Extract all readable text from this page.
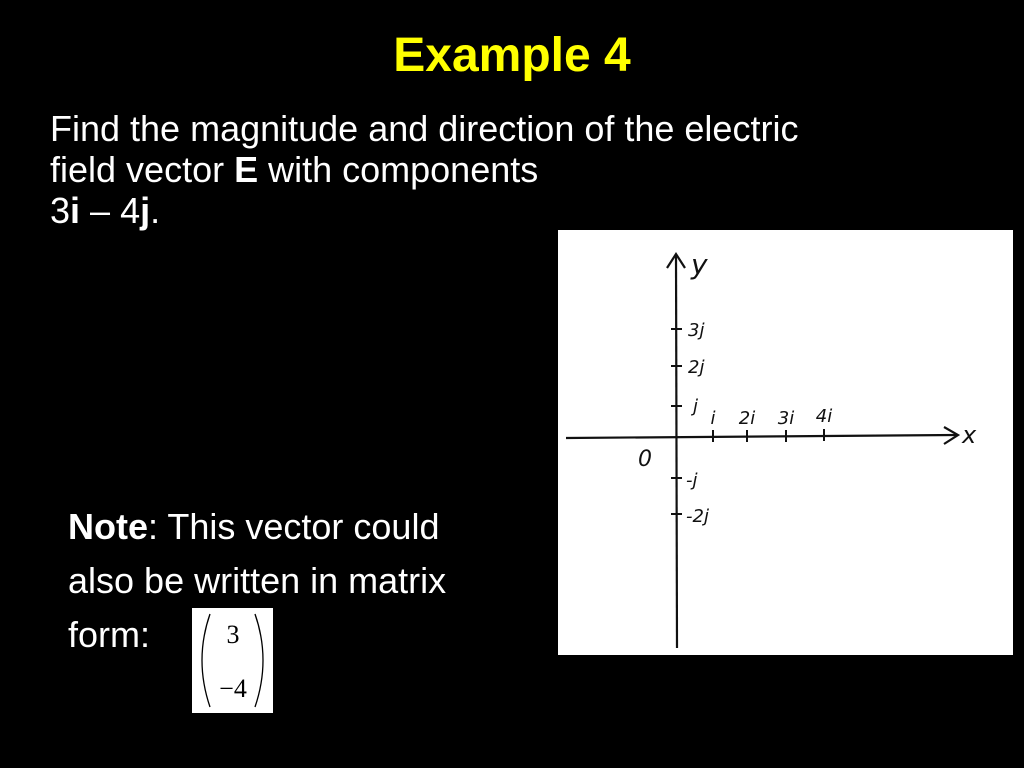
Example 4
Find the magnitude and direction of the electric
field vector E with components
3i – 4j.
Note: This vector could
also be written in matrix
form:	3
−4
y
x
0
j
2j
3j
-j
-2j
i 2i 3i 4i
